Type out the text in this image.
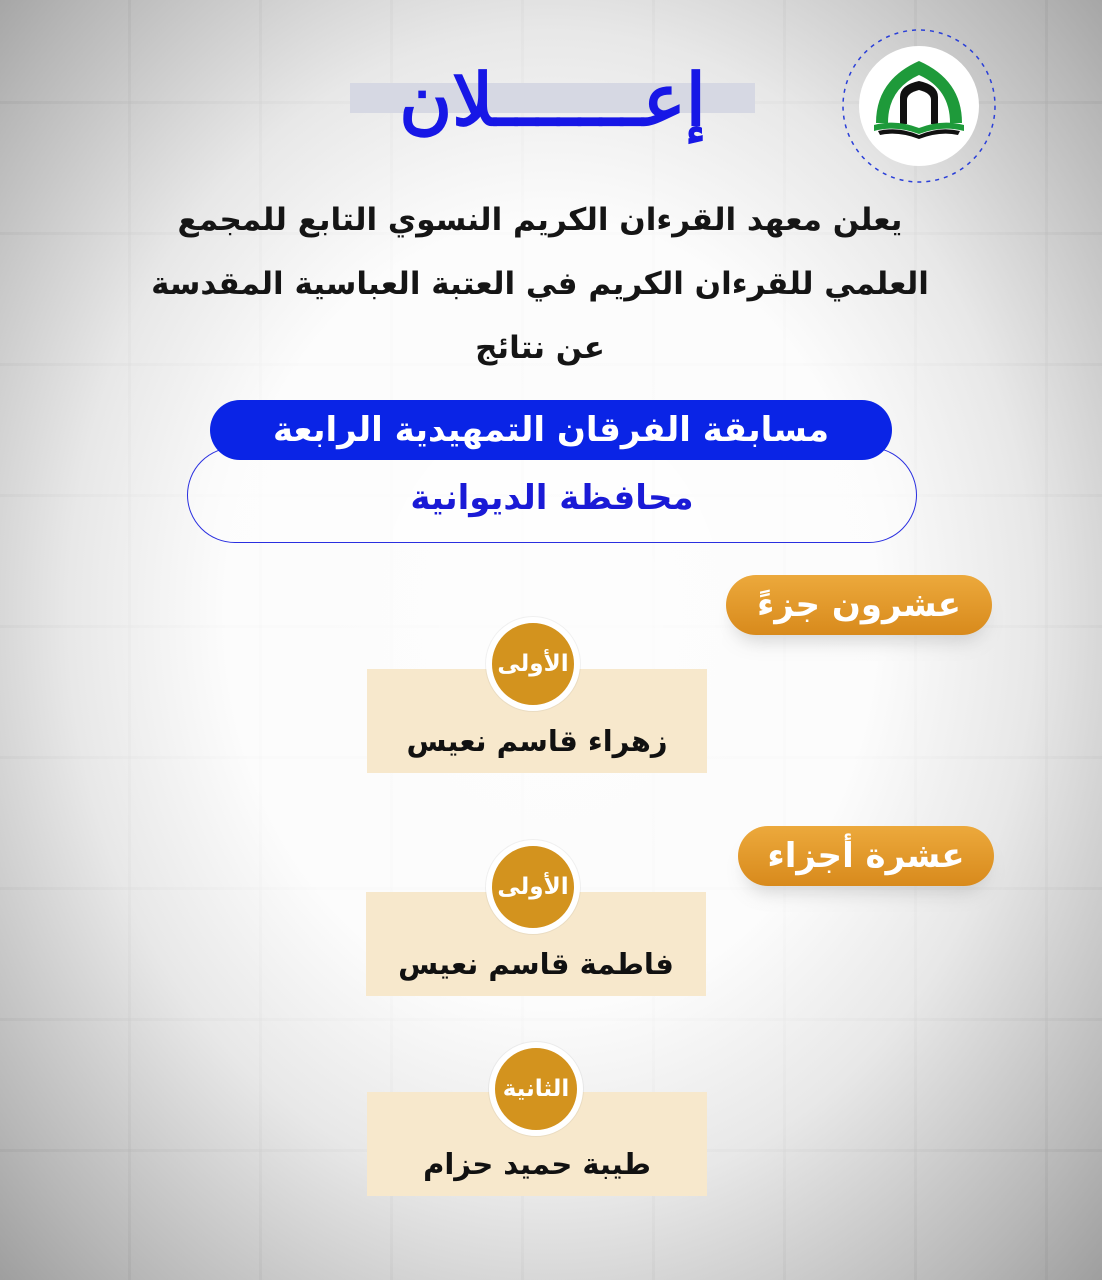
إعـــــــلان
يعلن معهد القرءان الكريم النسوي التابع للمجمع
العلمي للقرءان الكريم في العتبة العباسية المقدسة
عن نتائج
مسابقة الفرقان التمهيدية الرابعة
محافظة الديوانية
عشرون جزءً
زهراء قاسم نعيس
الأولى
عشرة أجزاء
فاطمة قاسم نعيس
الأولى
طيبة حميد حزام
الثانية
